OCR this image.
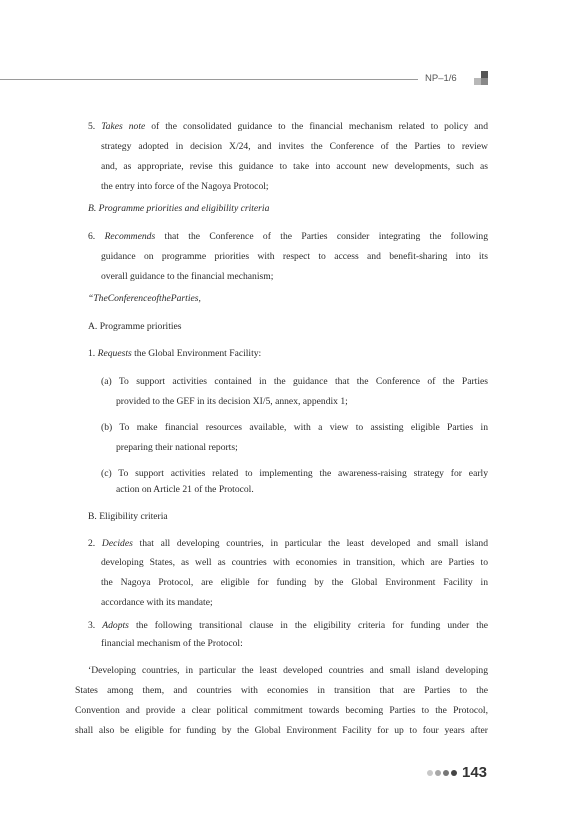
NP–1/6
5. Takes note of the consolidated guidance to the financial mechanism related to policy and
strategy adopted in decision X/24, and invites the Conference of the Parties to review
and, as appropriate, revise this guidance to take into account new developments, such as
the entry into force of the Nagoya Protocol;
B. Programme priorities and eligibility criteria
6. Recommends that the Conference of the Parties consider integrating the following
guidance on programme priorities with respect to access and benefit-sharing into its
overall guidance to the financial mechanism;
“TheConferenceoftheParties,
A. Programme priorities
1. Requests the Global Environment Facility:
(a) To support activities contained in the guidance that the Conference of the Parties
provided to the GEF in its decision XI/5, annex, appendix 1;
(b) To make financial resources available, with a view to assisting eligible Parties in
preparing their national reports;
(c) To support activities related to implementing the awareness-raising strategy for early
action on Article 21 of the Protocol.
B. Eligibility criteria
2. Decides that all developing countries, in particular the least developed and small island
developing States, as well as countries with economies in transition, which are Parties to
the Nagoya Protocol, are eligible for funding by the Global Environment Facility in
accordance with its mandate;
3. Adopts the following transitional clause in the eligibility criteria for funding under the
financial mechanism of the Protocol:
‘Developing countries, in particular the least developed countries and small island developing
States among them, and countries with economies in transition that are Parties to the
Convention and provide a clear political commitment towards becoming Parties to the Protocol,
shall also be eligible for funding by the Global Environment Facility for up to four years after
143
